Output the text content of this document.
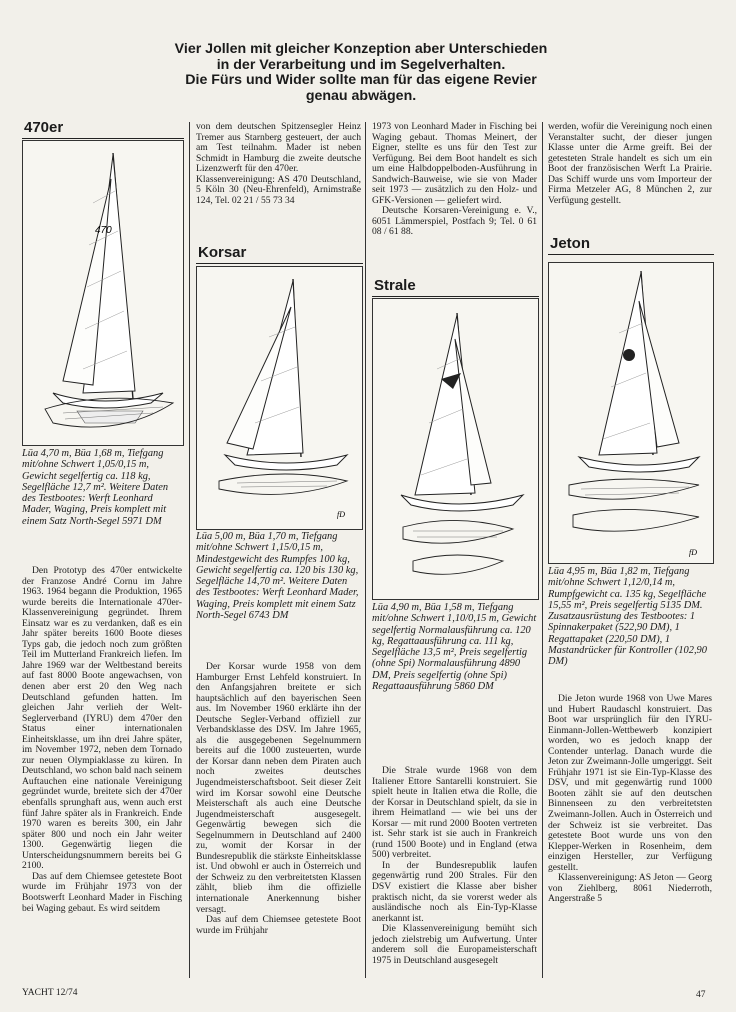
Vier Jollen mit gleicher Konzeption aber Unterschieden
in der Verarbeitung und im Segelverhalten.
Die Fürs und Wider sollte man für das eigene Revier
genau abwägen.
470er
470
Lüa 4,70 m, Büa 1,68 m, Tiefgang mit/ohne Schwert 1,05/0,15 m, Gewicht segelfertig ca. 118 kg, Segelfläche 12,7 m². Weitere Daten des Testbootes: Werft Leonhard Mader, Waging, Preis komplett mit einem Satz North-Segel 5971 DM

Den Prototyp des 470er entwickelte der Franzose André Cornu im Jahre 1963. 1964 begann die Produktion, 1965 wurde bereits die Internationale 470er-Klassenvereinigung gegründet. Ihrem Einsatz war es zu verdanken, daß es ein Jahr später bereits 1600 Boote dieses Typs gab, die jedoch noch zum größten Teil im Mutterland Frankreich liefen. Im Jahre 1969 war der Weltbestand bereits auf fast 8000 Boote angewachsen, von denen aber erst 20 den Weg nach Deutschland gefunden hatten. Im gleichen Jahr verlieh der Welt-Seglerverband (IYRU) dem 470er den Status einer internationalen Einheitsklasse, um ihn drei Jahre später, im November 1972, neben dem Tornado zur neuen Olympiaklasse zu küren. In Deutschland, wo schon bald nach seinem Auftauchen eine nationale Vereinigung gegründet wurde, breitete sich der 470er ebenfalls sprunghaft aus, wenn auch erst fünf Jahre später als in Frankreich. Ende 1970 waren es bereits 300, ein Jahr später 800 und noch ein Jahr weiter 1300. Gegenwärtig liegen die Unterscheidungsnummern bereits bei G 2100.

Das auf dem Chiemsee getestete Boot wurde im Frühjahr 1973 von der Bootswerft Leonhard Mader in Fisching bei Waging gebaut. Es wird seitdem

von dem deutschen Spitzensegler Heinz Tremer aus Starnberg gesteuert, der auch am Test teilnahm. Mader ist neben Schmidt in Hamburg die zweite deutsche Lizenzwerft für den 470er.

Klassenvereinigung: AS 470 Deutschland, 5 Köln 30 (Neu-Ehrenfeld), Arnimstraße 124, Tel. 02 21 / 55 73 34

Korsar
fD
Lüa 5,00 m, Büa 1,70 m, Tiefgang mit/ohne Schwert 1,15/0,15 m, Mindestgewicht des Rumpfes 100 kg, Gewicht segelfertig ca. 120 bis 130 kg, Segelfläche 14,70 m². Weitere Daten des Testbootes: Werft Leonhard Mader, Waging, Preis komplett mit einem Satz North-Segel 6743 DM

Der Korsar wurde 1958 von dem Hamburger Ernst Lehfeld konstruiert. In den Anfangsjahren breitete er sich hauptsächlich auf den bayerischen Seen aus. Im November 1960 erklärte ihn der Deutsche Segler-Verband offiziell zur Verbandsklasse des DSV. Im Jahre 1965, als die ausgegebenen Segelnummern bereits auf die 1000 zusteuerten, wurde der Korsar dann neben dem Piraten auch noch zweites deutsches Jugendmeisterschaftsboot. Seit dieser Zeit wird im Korsar sowohl eine Deutsche Meisterschaft als auch eine Deutsche Jugendmeisterschaft ausgesegelt. Gegenwärtig bewegen sich die Segelnummern in Deutschland auf 2400 zu, womit der Korsar in der Bundesrepublik die stärkste Einheitsklasse ist. Und obwohl er auch in Österreich und der Schweiz zu den verbreitetsten Klassen zählt, blieb ihm die offizielle internationale Anerkennung bisher versagt.

Das auf dem Chiemsee getestete Boot wurde im Frühjahr

1973 von Leonhard Mader in Fisching bei Waging gebaut. Thomas Meinert, der Eigner, stellte es uns für den Test zur Verfügung. Bei dem Boot handelt es sich um eine Halbdoppelboden-Ausführung in Sandwich-Bauweise, wie sie von Mader seit 1973 — zusätzlich zu den Holz- und GFK-Versionen — geliefert wird.

Deutsche Korsaren-Vereinigung e. V., 6051 Lämmerspiel, Postfach 9; Tel. 0 61 08 / 61 88.

Strale
Lüa 4,90 m, Büa 1,58 m, Tiefgang mit/ohne Schwert 1,10/0,15 m, Gewicht segelfertig Normalausführung ca. 120 kg, Regattaausführung ca. 111 kg, Segelfläche 13,5 m², Preis segelfertig (ohne Spi) Normalausführung 4890 DM, Preis segelfertig (ohne Spi) Regattaausführung 5860 DM

Die Strale wurde 1968 von dem Italiener Ettore Santarelli konstruiert. Sie spielt heute in Italien etwa die Rolle, die der Korsar in Deutschland spielt, da sie in ihrem Heimatland — wie bei uns der Korsar — mit rund 2000 Booten vertreten ist. Sehr stark ist sie auch in Frankreich (rund 1500 Boote) und in England (etwa 500) verbreitet.

In der Bundesrepublik laufen gegenwärtig rund 200 Strales. Für den DSV existiert die Klasse aber bisher praktisch nicht, da sie vorerst weder als ausländische noch als Ein-Typ-Klasse anerkannt ist.

Die Klassenvereinigung bemüht sich jedoch zielstrebig um Aufwertung. Unter anderem soll die Europameisterschaft 1975 in Deutschland ausgesegelt

werden, wofür die Vereinigung noch einen Veranstalter sucht, der dieser jungen Klasse unter die Arme greift. Bei der getesteten Strale handelt es sich um ein Boot der französischen Werft La Prairie. Das Schiff wurde uns vom Importeur der Firma Metzeler AG, 8 München 2, zur Verfügung gestellt.

Jeton
fD
Lüa 4,95 m, Büa 1,82 m, Tiefgang mit/ohne Schwert 1,12/0,14 m, Rumpfgewicht ca. 135 kg, Segelfläche 15,55 m², Preis segelfertig 5135 DM. Zusatzausrüstung des Testbootes: 1 Spinnakerpaket (522,90 DM), 1 Regattapaket (220,50 DM), 1 Mastandrücker für Kontroller (102,90 DM)

Die Jeton wurde 1968 von Uwe Mares und Hubert Raudaschl konstruiert. Das Boot war ursprünglich für den IYRU-Einmann-Jollen-Wettbewerb konzipiert worden, wo es jedoch knapp der Contender unterlag. Danach wurde die Jeton zur Zweimann-Jolle umgeriggt. Seit Frühjahr 1971 ist sie Ein-Typ-Klasse des DSV, und mit gegenwärtig rund 1000 Booten zählt sie auf den deutschen Binnenseen zu den verbreitetsten Zweimann-Jollen. Auch in Österreich und der Schweiz ist sie verbreitet. Das getestete Boot wurde uns von den Klepper-Werken in Rosenheim, dem einzigen Hersteller, zur Verfügung gestellt.

Klassenvereinigung: AS Jeton — Georg von Ziehlberg, 8061 Niederroth, Angerstraße 5

YACHT 12/74	47
